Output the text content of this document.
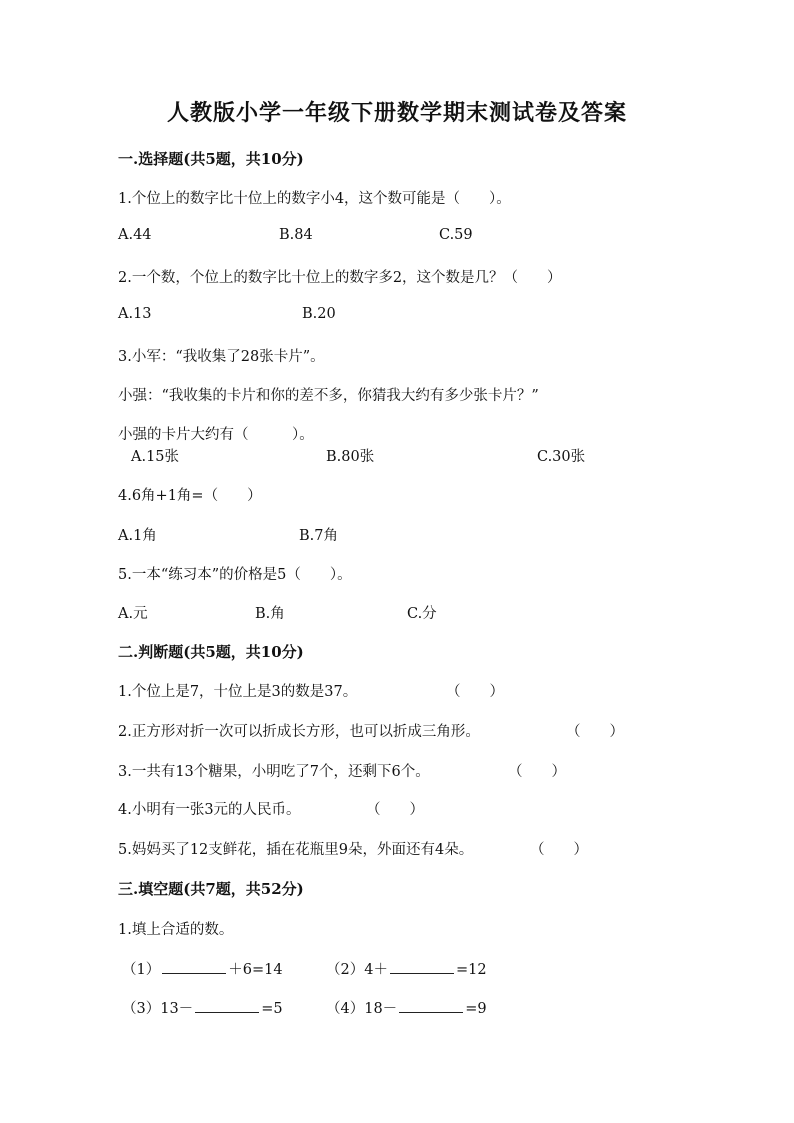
人教版小学一年级下册数学期末测试卷及答案
一.选择题(共5题，共10分)
1.个位上的数字比十位上的数字小4，这个数可能是（　　）。
A.44	B.84	C.59
2.一个数，个位上的数字比十位上的数字多2，这个数是几？（　　）
A.13	B.20
3.小军：“我收集了28张卡片”。
小强：“我收集的卡片和你的差不多，你猜我大约有多少张卡片？”
小强的卡片大约有（　　　）。
A.15张	B.80张	C.30张
4.6角+1角=（　　）
A.1角	B.7角
5.一本“练习本”的价格是5（　　）。
A.元	B.角	C.分
二.判断题(共5题，共10分)
1.个位上是7，十位上是3的数是37。	（　　）
2.正方形对折一次可以折成长方形，也可以折成三角形。	（　　）
3.一共有13个糖果，小明吃了7个，还剩下6个。	（　　）
4.小明有一张3元的人民币。	（　　）
5.妈妈买了12支鲜花，插在花瓶里9朵，外面还有4朵。	（　　）
三.填空题(共7题，共52分)
1.填上合适的数。
（1）	＋6=14	（2）4＋	=12
（3）13－	=5	（4）18－	=9
